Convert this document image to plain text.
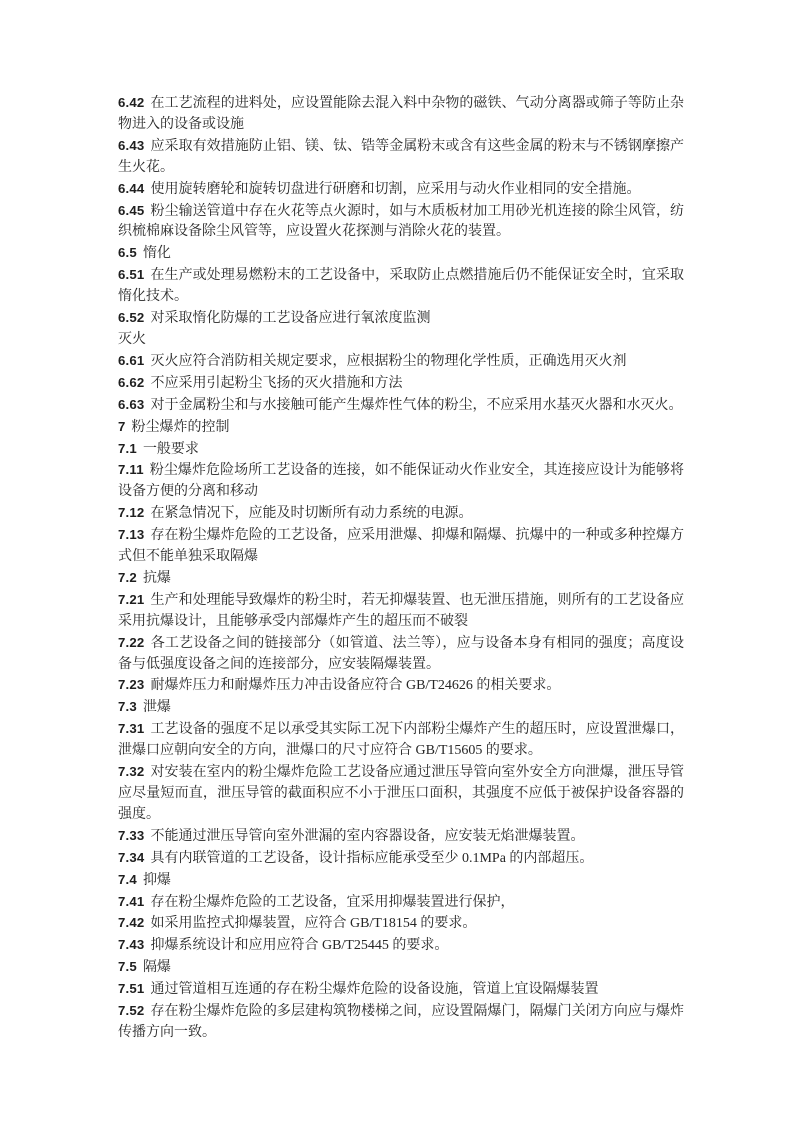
6.42 在工艺流程的进料处，应设置能除去混入料中杂物的磁铁、气动分离器或筛子等防止杂物进入的设备或设施

6.43 应采取有效措施防止铝、镁、钛、锆等金属粉末或含有这些金属的粉末与不锈钢摩擦产生火花。

6.44 使用旋转磨轮和旋转切盘进行研磨和切割，应采用与动火作业相同的安全措施。

6.45 粉尘输送管道中存在火花等点火源时，如与木质板材加工用砂光机连接的除尘风管，纺织梳棉麻设备除尘风管等，应设置火花探测与消除火花的装置。

6.5 惰化

6.51 在生产或处理易燃粉末的工艺设备中，采取防止点燃措施后仍不能保证安全时，宜采取惰化技术。

6.52 对采取惰化防爆的工艺设备应进行氧浓度监测

灭火

6.61 灭火应符合消防相关规定要求，应根据粉尘的物理化学性质，正确选用灭火剂

6.62 不应采用引起粉尘飞扬的灭火措施和方法

6.63 对于金属粉尘和与水接触可能产生爆炸性气体的粉尘，不应采用水基灭火器和水灭火。

7 粉尘爆炸的控制

7.1 一般要求

7.11 粉尘爆炸危险场所工艺设备的连接，如不能保证动火作业安全，其连接应设计为能够将设备方便的分离和移动

7.12 在紧急情况下，应能及时切断所有动力系统的电源。

7.13 存在粉尘爆炸危险的工艺设备，应采用泄爆、抑爆和隔爆、抗爆中的一种或多种控爆方式但不能单独采取隔爆

7.2 抗爆

7.21 生产和处理能导致爆炸的粉尘时，若无抑爆装置、也无泄压措施，则所有的工艺设备应采用抗爆设计，且能够承受内部爆炸产生的超压而不破裂

7.22 各工艺设备之间的链接部分（如管道、法兰等），应与设备本身有相同的强度；高度设备与低强度设备之间的连接部分，应安装隔爆装置。

7.23 耐爆炸压力和耐爆炸压力冲击设备应符合 GB/T24626 的相关要求。

7.3 泄爆

7.31 工艺设备的强度不足以承受其实际工况下内部粉尘爆炸产生的超压时，应设置泄爆口，泄爆口应朝向安全的方向，泄爆口的尺寸应符合 GB/T15605 的要求。

7.32 对安装在室内的粉尘爆炸危险工艺设备应通过泄压导管向室外安全方向泄爆，泄压导管应尽量短而直，泄压导管的截面积应不小于泄压口面积，其强度不应低于被保护设备容器的强度。

7.33 不能通过泄压导管向室外泄漏的室内容器设备，应安装无焰泄爆装置。

7.34 具有内联管道的工艺设备，设计指标应能承受至少 0.1MPa 的内部超压。

7.4 抑爆

7.41 存在粉尘爆炸危险的工艺设备，宜采用抑爆装置进行保护，

7.42 如采用监控式抑爆装置，应符合 GB/T18154 的要求。

7.43 抑爆系统设计和应用应符合 GB/T25445 的要求。

7.5 隔爆

7.51 通过管道相互连通的存在粉尘爆炸危险的设备设施，管道上宜设隔爆装置

7.52 存在粉尘爆炸危险的多层建构筑物楼梯之间，应设置隔爆门，隔爆门关闭方向应与爆炸传播方向一致。
